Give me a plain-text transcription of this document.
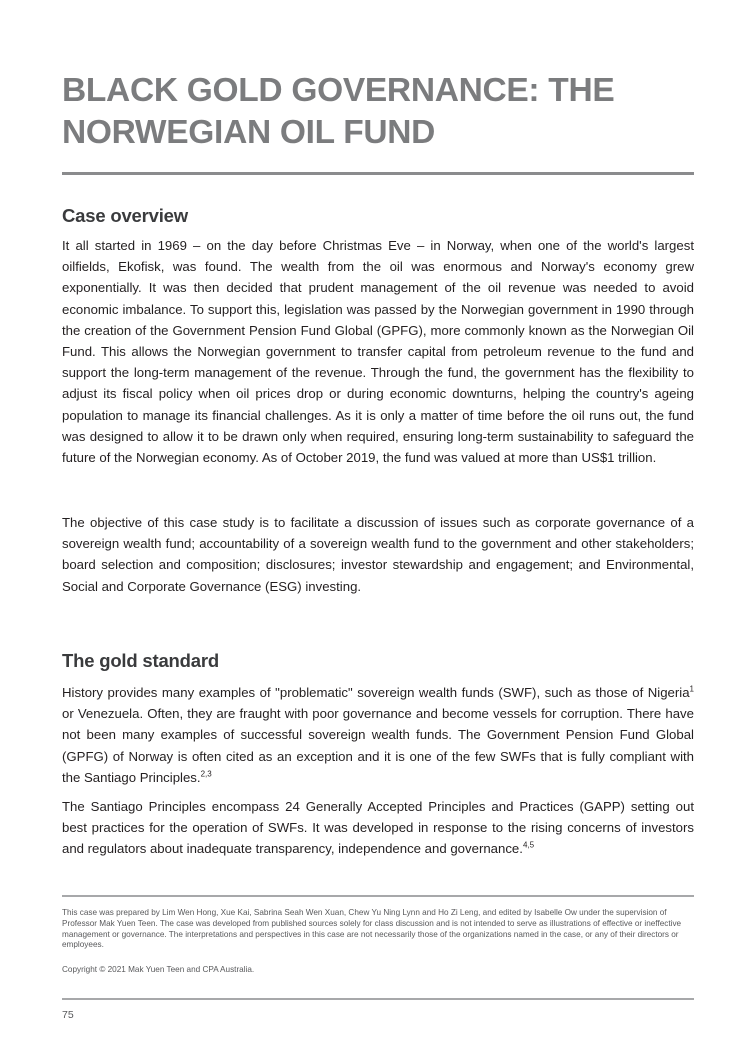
BLACK GOLD GOVERNANCE: THE NORWEGIAN OIL FUND
Case overview

It all started in 1969 – on the day before Christmas Eve – in Norway, when one of the world's largest oilfields, Ekofisk, was found. The wealth from the oil was enormous and Norway's economy grew exponentially. It was then decided that prudent management of the oil revenue was needed to avoid economic imbalance. To support this, legislation was passed by the Norwegian government in 1990 through the creation of the Government Pension Fund Global (GPFG), more commonly known as the Norwegian Oil Fund. This allows the Norwegian government to transfer capital from petroleum revenue to the fund and support the long-term management of the revenue. Through the fund, the government has the flexibility to adjust its fiscal policy when oil prices drop or during economic downturns, helping the country's ageing population to manage its financial challenges. As it is only a matter of time before the oil runs out, the fund was designed to allow it to be drawn only when required, ensuring long-term sustainability to safeguard the future of the Norwegian economy. As of October 2019, the fund was valued at more than US$1 trillion.

The objective of this case study is to facilitate a discussion of issues such as corporate governance of a sovereign wealth fund; accountability of a sovereign wealth fund to the government and other stakeholders; board selection and composition; disclosures; investor stewardship and engagement; and Environmental, Social and Corporate Governance (ESG) investing.

The gold standard

History provides many examples of "problematic" sovereign wealth funds (SWF), such as those of Nigeria$^1$ or Venezuela. Often, they are fraught with poor governance and become vessels for corruption. There have not been many examples of successful sovereign wealth funds. The Government Pension Fund Global (GPFG) of Norway is often cited as an exception and it is one of the few SWFs that is fully compliant with the Santiago Principles.$^{2,3}$

The Santiago Principles encompass 24 Generally Accepted Principles and Practices (GAPP) setting out best practices for the operation of SWFs. It was developed in response to the rising concerns of investors and regulators about inadequate transparency, independence and governance.$^{4,5}$

This case was prepared by Lim Wen Hong, Xue Kai, Sabrina Seah Wen Xuan, Chew Yu Ning Lynn and Ho Zi Leng, and edited by Isabelle Ow under the supervision of Professor Mak Yuen Teen. The case was developed from published sources solely for class discussion and is not intended to serve as illustrations of effective or ineffective management or governance. The interpretations and perspectives in this case are not necessarily those of the organizations named in the case, or any of their directors or employees.

Copyright © 2021 Mak Yuen Teen and CPA Australia.

75
